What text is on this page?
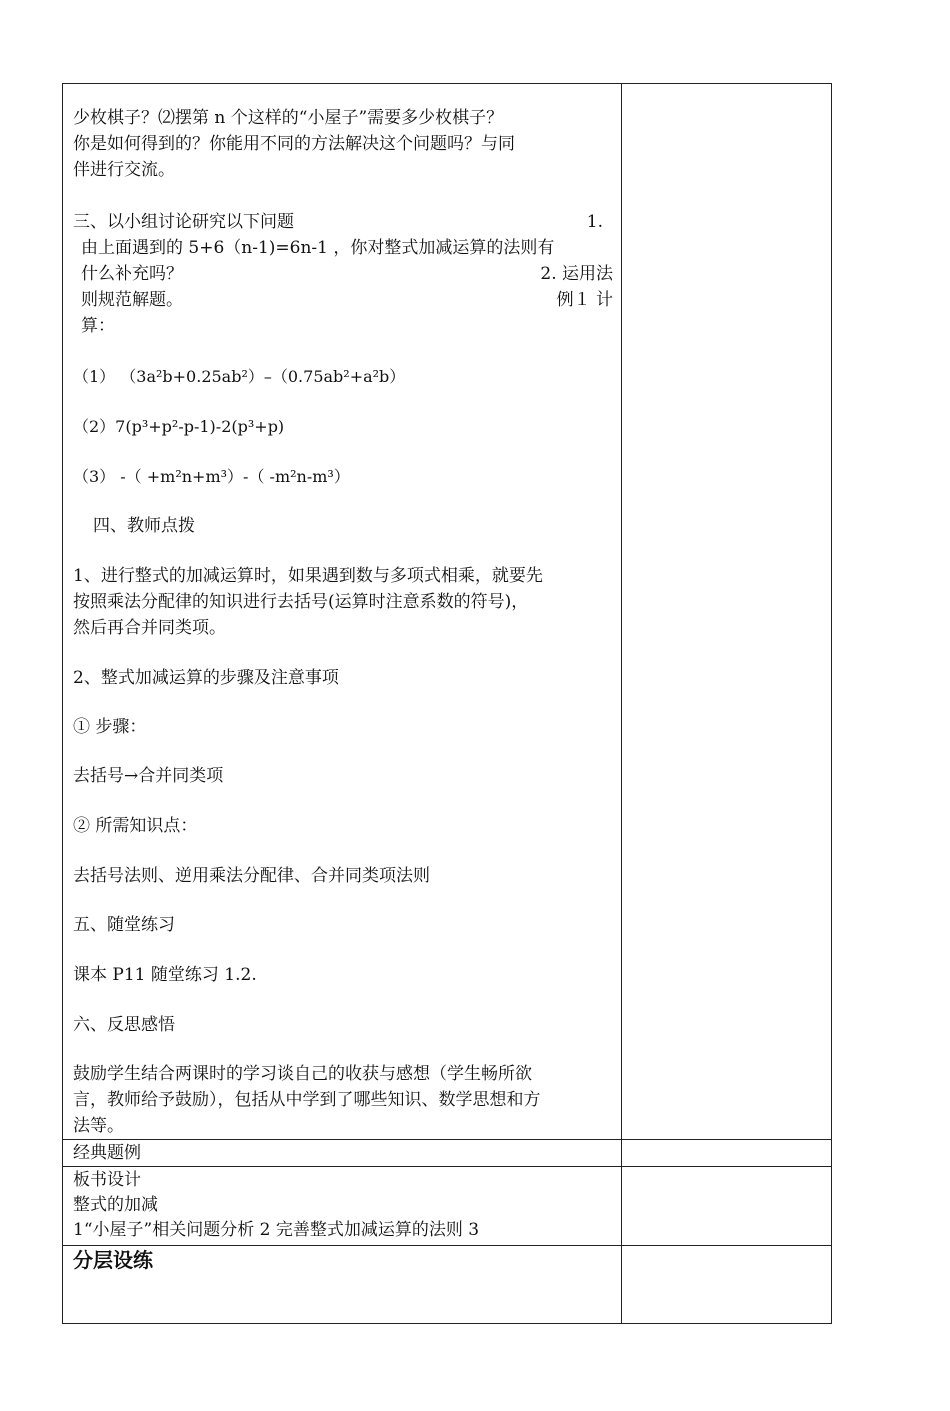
少枚棋子？⑵摆第 n 个这样的“小屋子”需要多少枚棋子？

你是如何得到的？你能用不同的方法解决这个问题吗？与同

伴进行交流。

三、以小组讨论研究以下问题	1.

由上面遇到的 5+6（n-1)=6n-1 ，你对整式加减运算的法则有

什么补充吗？	2. 运用法

则规范解题。	例１ 计

算：

（1） （3a²b+0.25ab²）–（0.75ab²+a²b）

（2）7(p³+p²-p-1)-2(p³+p)

（3） -（ +m²n+m³）-（ -m²n-m³）

四、教师点拨

1、进行整式的加减运算时，如果遇到数与多项式相乘，就要先

按照乘法分配律的知识进行去括号(运算时注意系数的符号)，

然后再合并同类项。

2、整式加减运算的步骤及注意事项

① 步骤：

去括号→合并同类项

② 所需知识点：

去括号法则、逆用乘法分配律、合并同类项法则

五、随堂练习

课本 P11 随堂练习 1.2.

六、反思感悟

鼓励学生结合两课时的学习谈自己的收获与感想（学生畅所欲

言，教师给予鼓励），包括从中学到了哪些知识、数学思想和方

法等。

经典题例

板书设计

整式的加减

1“小屋子”相关问题分析 2 完善整式加减运算的法则 3

分层设练
